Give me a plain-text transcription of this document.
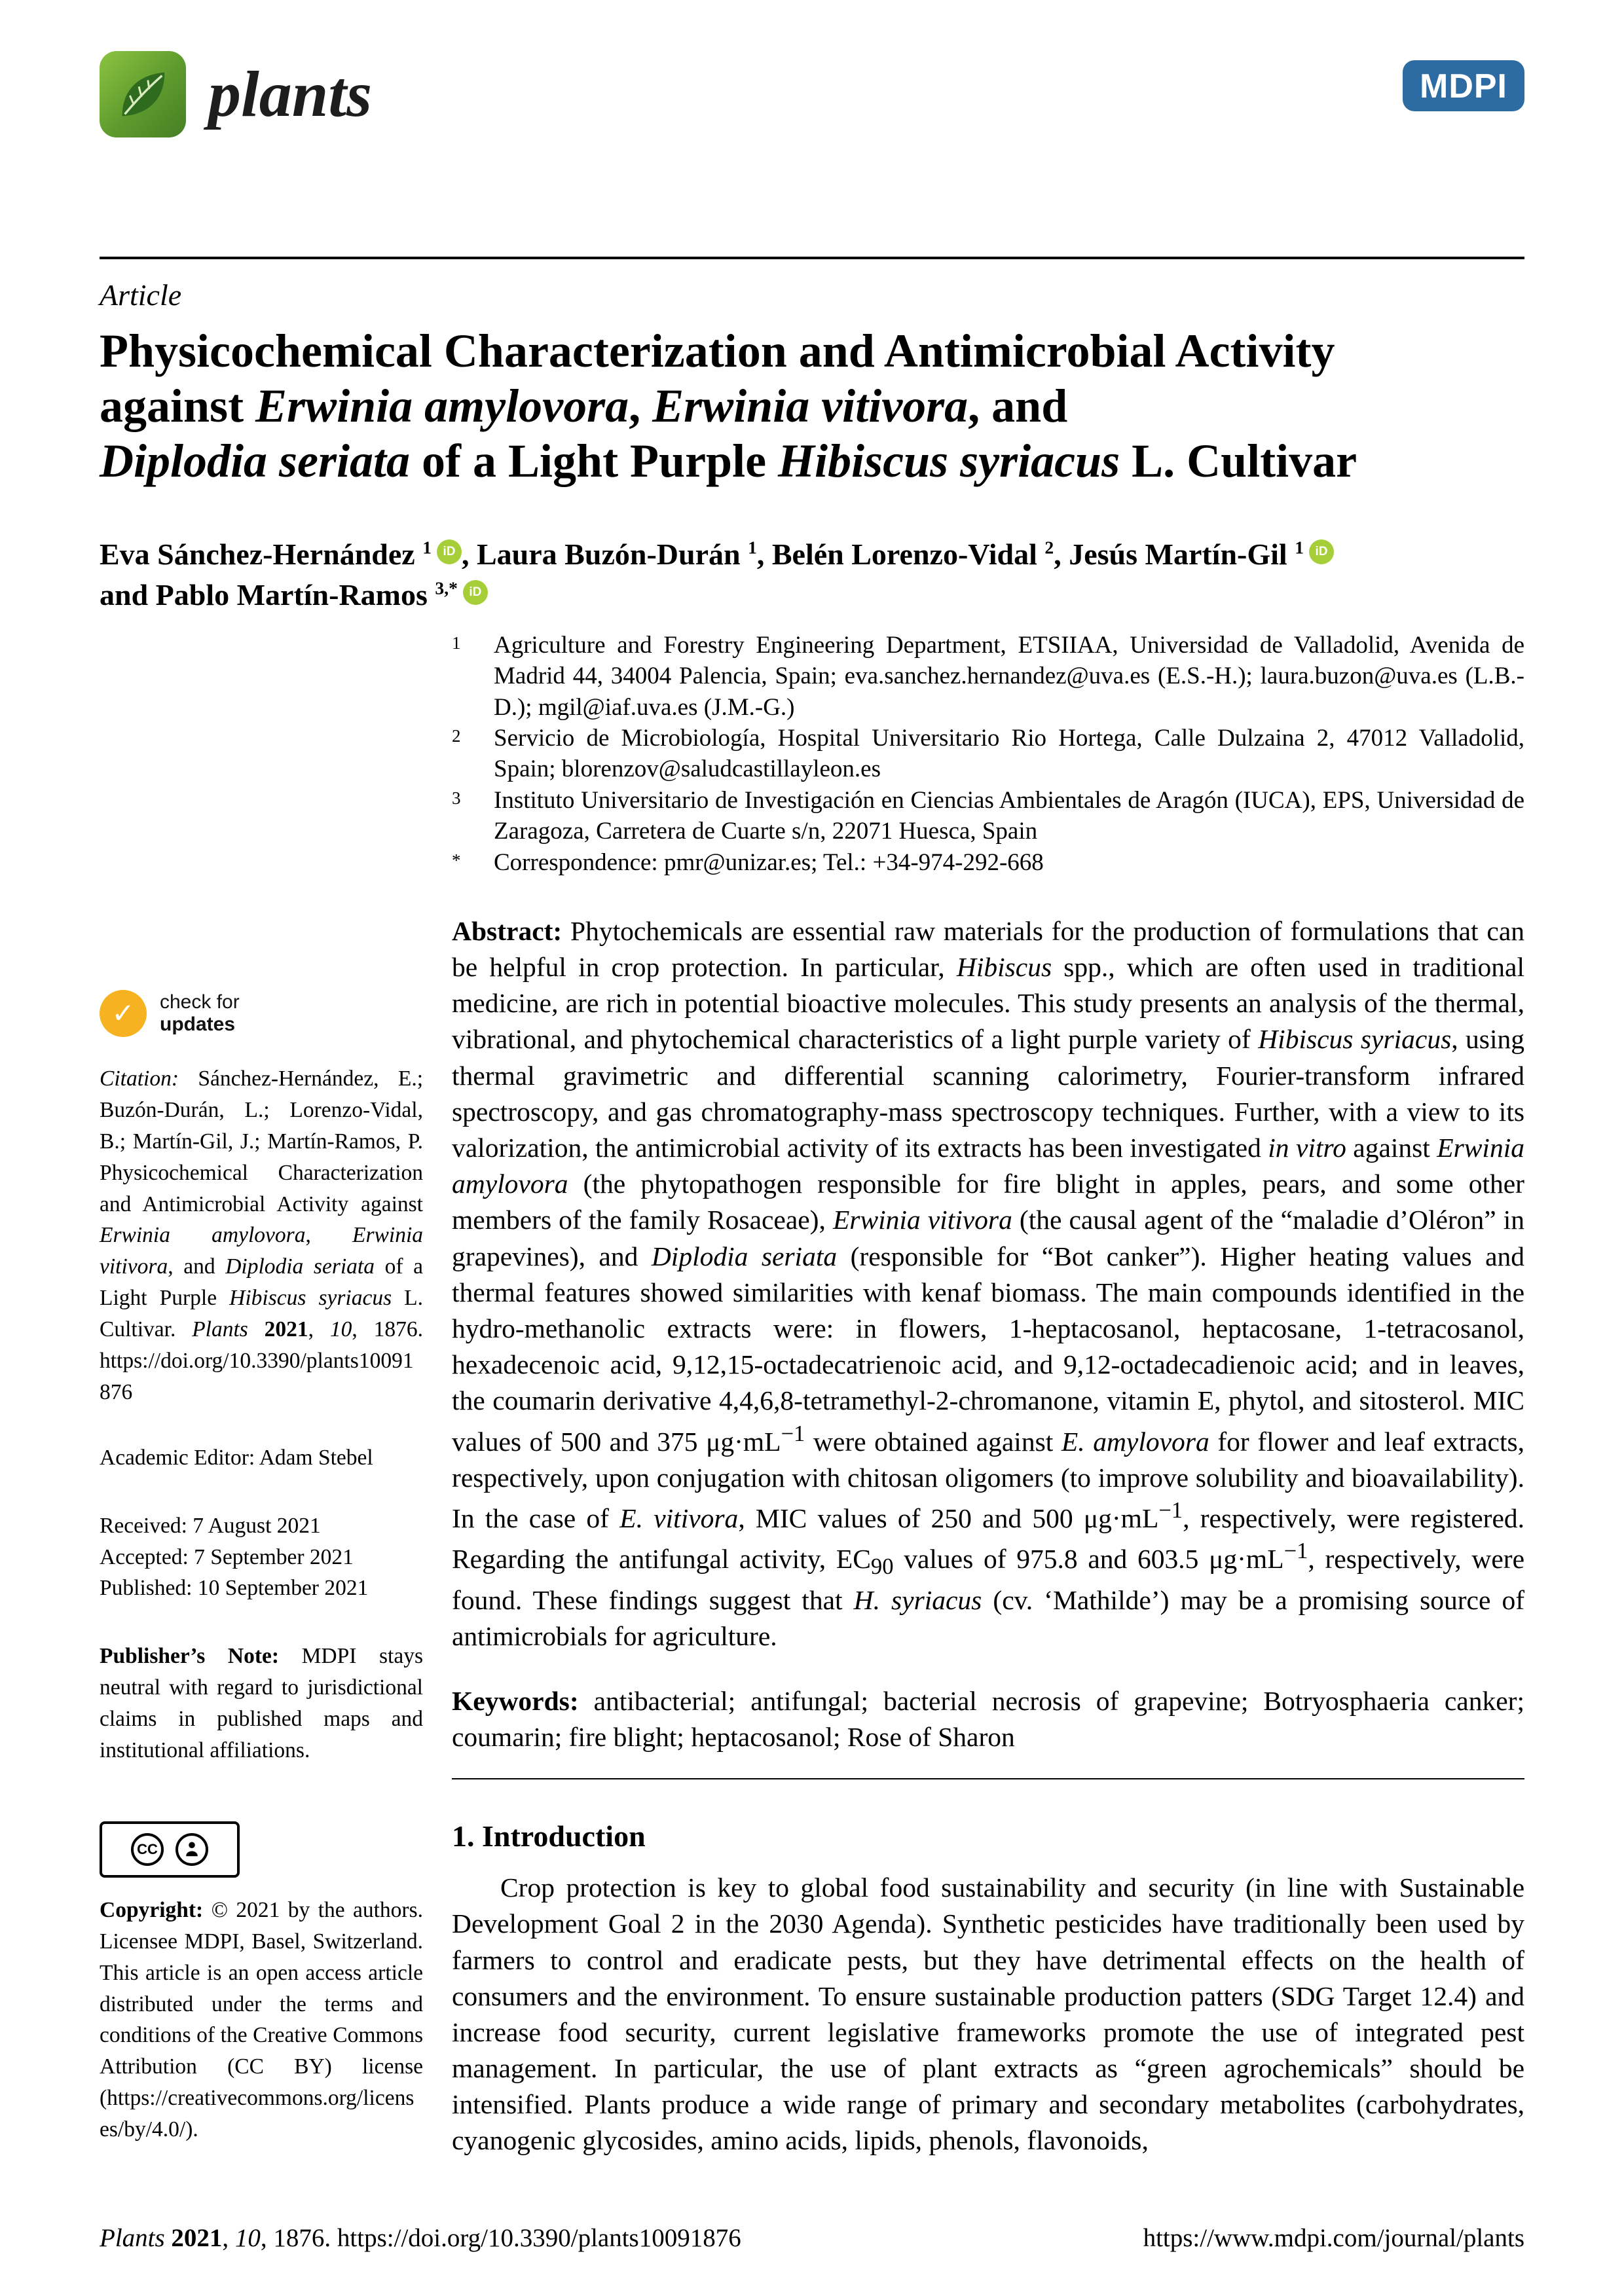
plants	MDPI
Article
Physicochemical Characterization and Antimicrobial Activity
against Erwinia amylovora, Erwinia vitivora, and
Diplodia seriata of a Light Purple Hibiscus syriacus L. Cultivar
Eva Sánchez-Hernández $^1$ iD , Laura Buzón-Durán $^1$, Belén Lorenzo-Vidal $^2$, Jesús Martín-Gil $^1$ iD
and Pablo Martín-Ramos $^{3,*}$ iD
1	Agriculture and Forestry Engineering Department, ETSIIAA, Universidad de Valladolid, Avenida de Madrid 44, 34004 Palencia, Spain; eva.sanchez.hernandez@uva.es (E.S.-H.); laura.buzon@uva.es (L.B.-D.); mgil@iaf.uva.es (J.M.-G.)
2	Servicio de Microbiología, Hospital Universitario Rio Hortega, Calle Dulzaina 2, 47012 Valladolid, Spain; blorenzov@saludcastillayleon.es
3	Instituto Universitario de Investigación en Ciencias Ambientales de Aragón (IUCA), EPS, Universidad de Zaragoza, Carretera de Cuarte s/n, 22071 Huesca, Spain
*	Correspondence: pmr@unizar.es; Tel.: +34-974-292-668

Abstract: Phytochemicals are essential raw materials for the production of formulations that can be helpful in crop protection. In particular, Hibiscus spp., which are often used in traditional medicine, are rich in potential bioactive molecules. This study presents an analysis of the thermal, vibrational, and phytochemical characteristics of a light purple variety of Hibiscus syriacus, using thermal gravimetric and differential scanning calorimetry, Fourier-transform infrared spectroscopy, and gas chromatography-mass spectroscopy techniques. Further, with a view to its valorization, the antimicrobial activity of its extracts has been investigated in vitro against Erwinia amylovora (the phytopathogen responsible for fire blight in apples, pears, and some other members of the family Rosaceae), Erwinia vitivora (the causal agent of the “maladie d’Oléron” in grapevines), and Diplodia seriata (responsible for “Bot canker”). Higher heating values and thermal features showed similarities with kenaf biomass. The main compounds identified in the hydro-methanolic extracts were: in flowers, 1-heptacosanol, heptacosane, 1-tetracosanol, hexadecenoic acid, 9,12,15-octadecatrienoic acid, and 9,12-octadecadienoic acid; and in leaves, the coumarin derivative 4,4,6,8-tetramethyl-2-chromanone, vitamin E, phytol, and sitosterol. MIC values of 500 and 375 $\mu g\cdot mL^{-1}$ were obtained against E. amylovora for flower and leaf extracts, respectively, upon conjugation with chitosan oligomers (to improve solubility and bioavailability). In the case of E. vitivora, MIC values of 250 and 500 $\mu g\cdot mL^{-1}$, respectively, were registered. Regarding the antifungal activity, $EC_{90}$ values of 975.8 and 603.5 $\mu g\cdot mL^{-1}$, respectively, were found. These findings suggest that H. syriacus (cv. ‘Mathilde’) may be a promising source of antimicrobials for agriculture.

Keywords: antibacterial; antifungal; bacterial necrosis of grapevine; Botryosphaeria canker; coumarin; fire blight; heptacosanol; Rose of Sharon

1. Introduction

Crop protection is key to global food sustainability and security (in line with Sustainable Development Goal 2 in the 2030 Agenda). Synthetic pesticides have traditionally been used by farmers to control and eradicate pests, but they have detrimental effects on the health of consumers and the environment. To ensure sustainable production patters (SDG Target 12.4) and increase food security, current legislative frameworks promote the use of integrated pest management. In particular, the use of plant extracts as “green agrochemicals” should be intensified. Plants produce a wide range of primary and secondary metabolites (carbohydrates, cyanogenic glycosides, amino acids, lipids, phenols, flavonoids,

✓ check for
updates
Citation: Sánchez-Hernández, E.; Buzón-Durán, L.; Lorenzo-Vidal, B.; Martín-Gil, J.; Martín-Ramos, P. Physicochemical Characterization and Antimicrobial Activity against Erwinia amylovora, Erwinia vitivora, and Diplodia seriata of a Light Purple Hibiscus syriacus L. Cultivar. Plants 2021, 10, 1876. https://doi.org/10.3390/plants10091876
Academic Editor: Adam Stebel
Received: 7 August 2021
Accepted: 7 September 2021
Published: 10 September 2021
Publisher’s Note: MDPI stays neutral with regard to jurisdictional claims in published maps and institutional affiliations.
CC
Copyright: © 2021 by the authors. Licensee MDPI, Basel, Switzerland. This article is an open access article distributed under the terms and conditions of the Creative Commons Attribution (CC BY) license (https://creativecommons.org/licenses/by/4.0/).
Plants 2021, 10, 1876. https://doi.org/10.3390/plants10091876	https://www.mdpi.com/journal/plants
